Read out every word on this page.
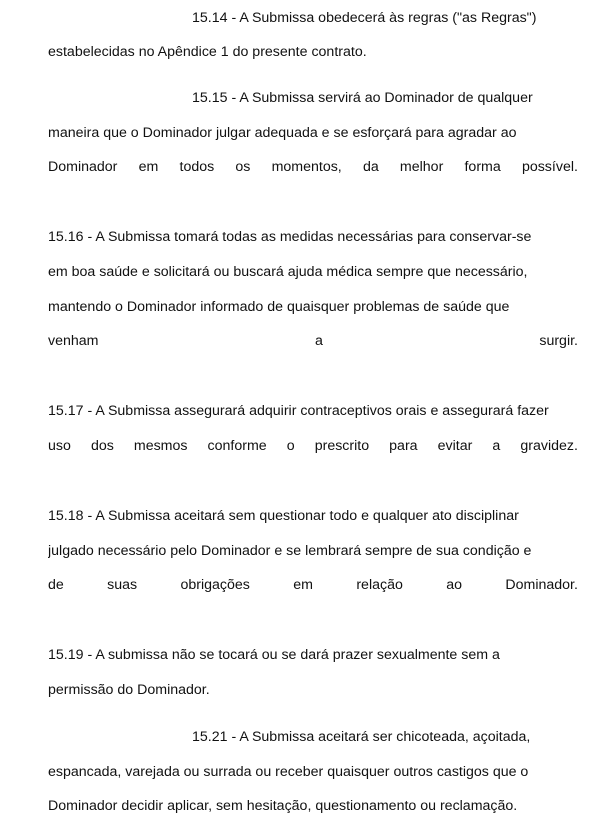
15.14 - A Submissa obedecerá às regras ("as Regras")
estabelecidas no Apêndice 1 do presente contrato.
15.15 - A Submissa servirá ao Dominador de qualquer
maneira que o Dominador julgar adequada e se esforçará para agradar ao
Dominador em todos os momentos, da melhor forma possível.
15.16 - A Submissa tomará todas as medidas necessárias para conservar-se
em boa saúde e solicitará ou buscará ajuda médica sempre que necessário,
mantendo o Dominador informado de quaisquer problemas de saúde que
venham	a	surgir.
15.17 - A Submissa assegurará adquirir contraceptivos orais e assegurará fazer
uso dos mesmos conforme o prescrito para evitar a gravidez.
15.18 - A Submissa aceitará sem questionar todo e qualquer ato disciplinar
julgado necessário pelo Dominador e se lembrará sempre de sua condição e
de	suas	obrigações	em	relação	ao	Dominador.
15.19 - A submissa não se tocará ou se dará prazer sexualmente sem a
permissão do Dominador.
15.21 - A Submissa aceitará ser chicoteada, açoitada,
espancada, varejada ou surrada ou receber quaisquer outros castigos que o
Dominador decidir aplicar, sem hesitação, questionamento ou reclamação.
